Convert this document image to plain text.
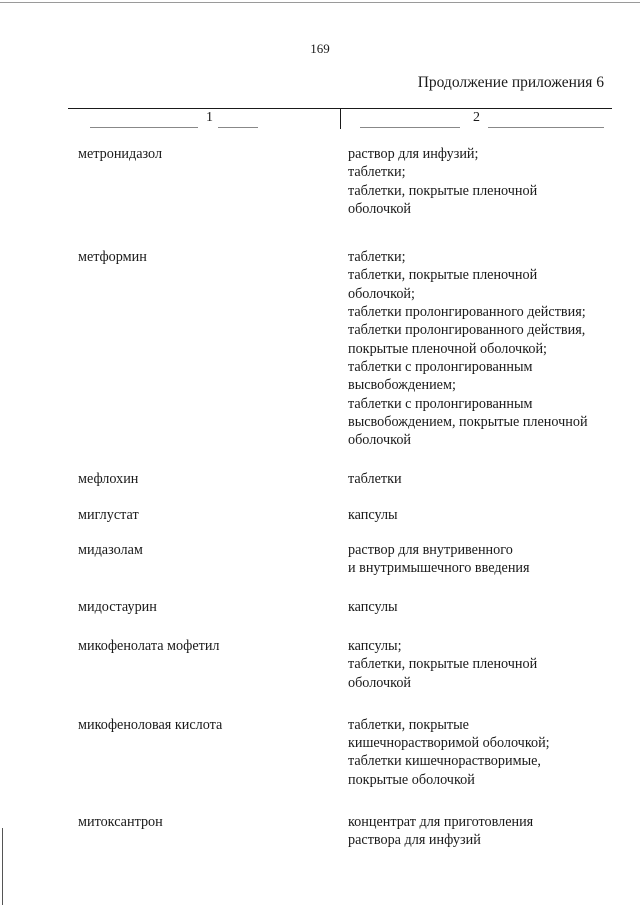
169
Продолжение приложения 6
1	2
метронидазол	раствор для инфузий;
таблетки;
таблетки, покрытые пленочной
оболочкой
метформин	таблетки;
таблетки, покрытые пленочной
оболочкой;
таблетки пролонгированного действия;
таблетки пролонгированного действия,
покрытые пленочной оболочкой;
таблетки с пролонгированным
высвобождением;
таблетки с пролонгированным
высвобождением, покрытые пленочной
оболочкой
мефлохин	таблетки
миглустат	капсулы
мидазолам	раствор для внутривенного
и внутримышечного введения
мидостаурин	капсулы
микофенолата мофетил	капсулы;
таблетки, покрытые пленочной
оболочкой
микофеноловая кислота	таблетки, покрытые
кишечнорастворимой оболочкой;
таблетки кишечнорастворимые,
покрытые оболочкой
митоксантрон	концентрат для приготовления
раствора для инфузий
